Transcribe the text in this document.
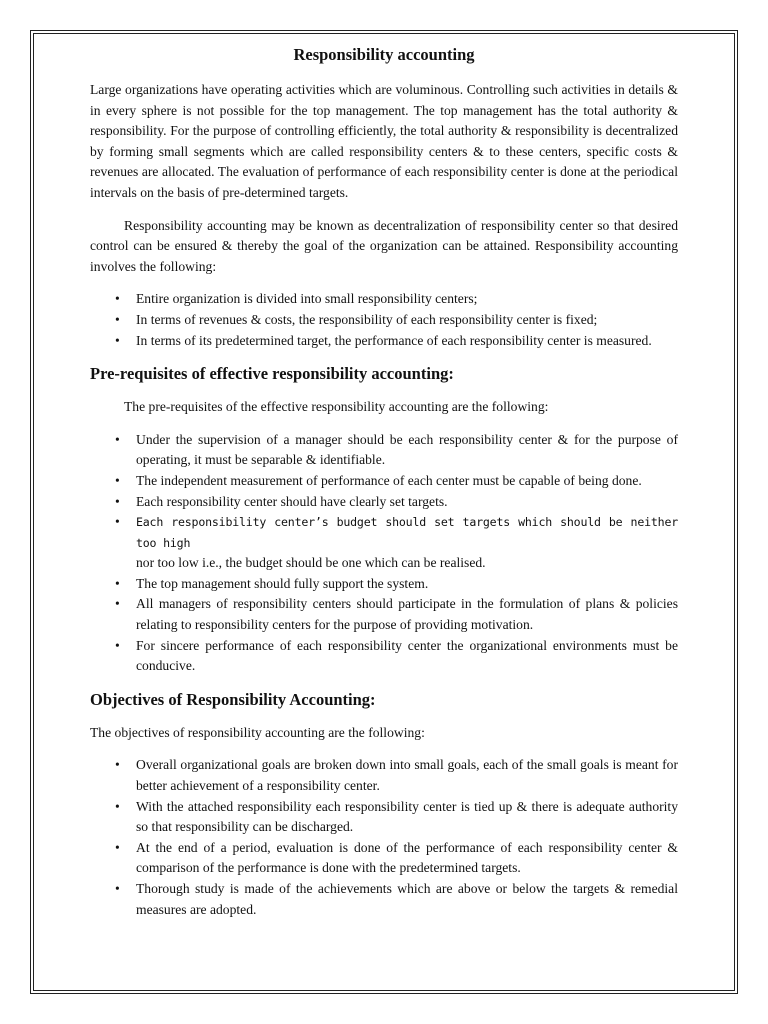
Responsibility accounting

Large organizations have operating activities which are voluminous. Controlling such activities in details & in every sphere is not possible for the top management. The top management has the total authority & responsibility. For the purpose of controlling efficiently, the total authority & responsibility is decentralized by forming small segments which are called responsibility centers & to these centers, specific costs & revenues are allocated. The evaluation of performance of each responsibility center is done at the periodical intervals on the basis of pre-determined targets.

Responsibility accounting may be known as decentralization of responsibility center so that desired control can be ensured & thereby the goal of the organization can be attained. Responsibility accounting involves the following:

• Entire organization is divided into small responsibility centers;
• In terms of revenues & costs, the responsibility of each responsibility center is fixed;
• In terms of its predetermined target, the performance of each responsibility center is measured.
Pre-requisites of effective responsibility accounting:

The pre-requisites of the effective responsibility accounting are the following:

• Under the supervision of a manager should be each responsibility center & for the purpose of operating, it must be separable & identifiable.
• The independent measurement of performance of each center must be capable of being done.
• Each responsibility center should have clearly set targets.
• Each responsibility center’s budget should set targets which should be neither too high
nor too low i.e., the budget should be one which can be realised.
• The top management should fully support the system.
• All managers of responsibility centers should participate in the formulation of plans & policies relating to responsibility centers for the purpose of providing motivation.
• For sincere performance of each responsibility center the organizational environments must be conducive.
Objectives of Responsibility Accounting:

The objectives of responsibility accounting are the following:

• Overall organizational goals are broken down into small goals, each of the small goals is meant for better achievement of a responsibility center.
• With the attached responsibility each responsibility center is tied up & there is adequate authority so that responsibility can be discharged.
• At the end of a period, evaluation is done of the performance of each responsibility center & comparison of the performance is done with the predetermined targets.
• Thorough study is made of the achievements which are above or below the targets & remedial measures are adopted.
